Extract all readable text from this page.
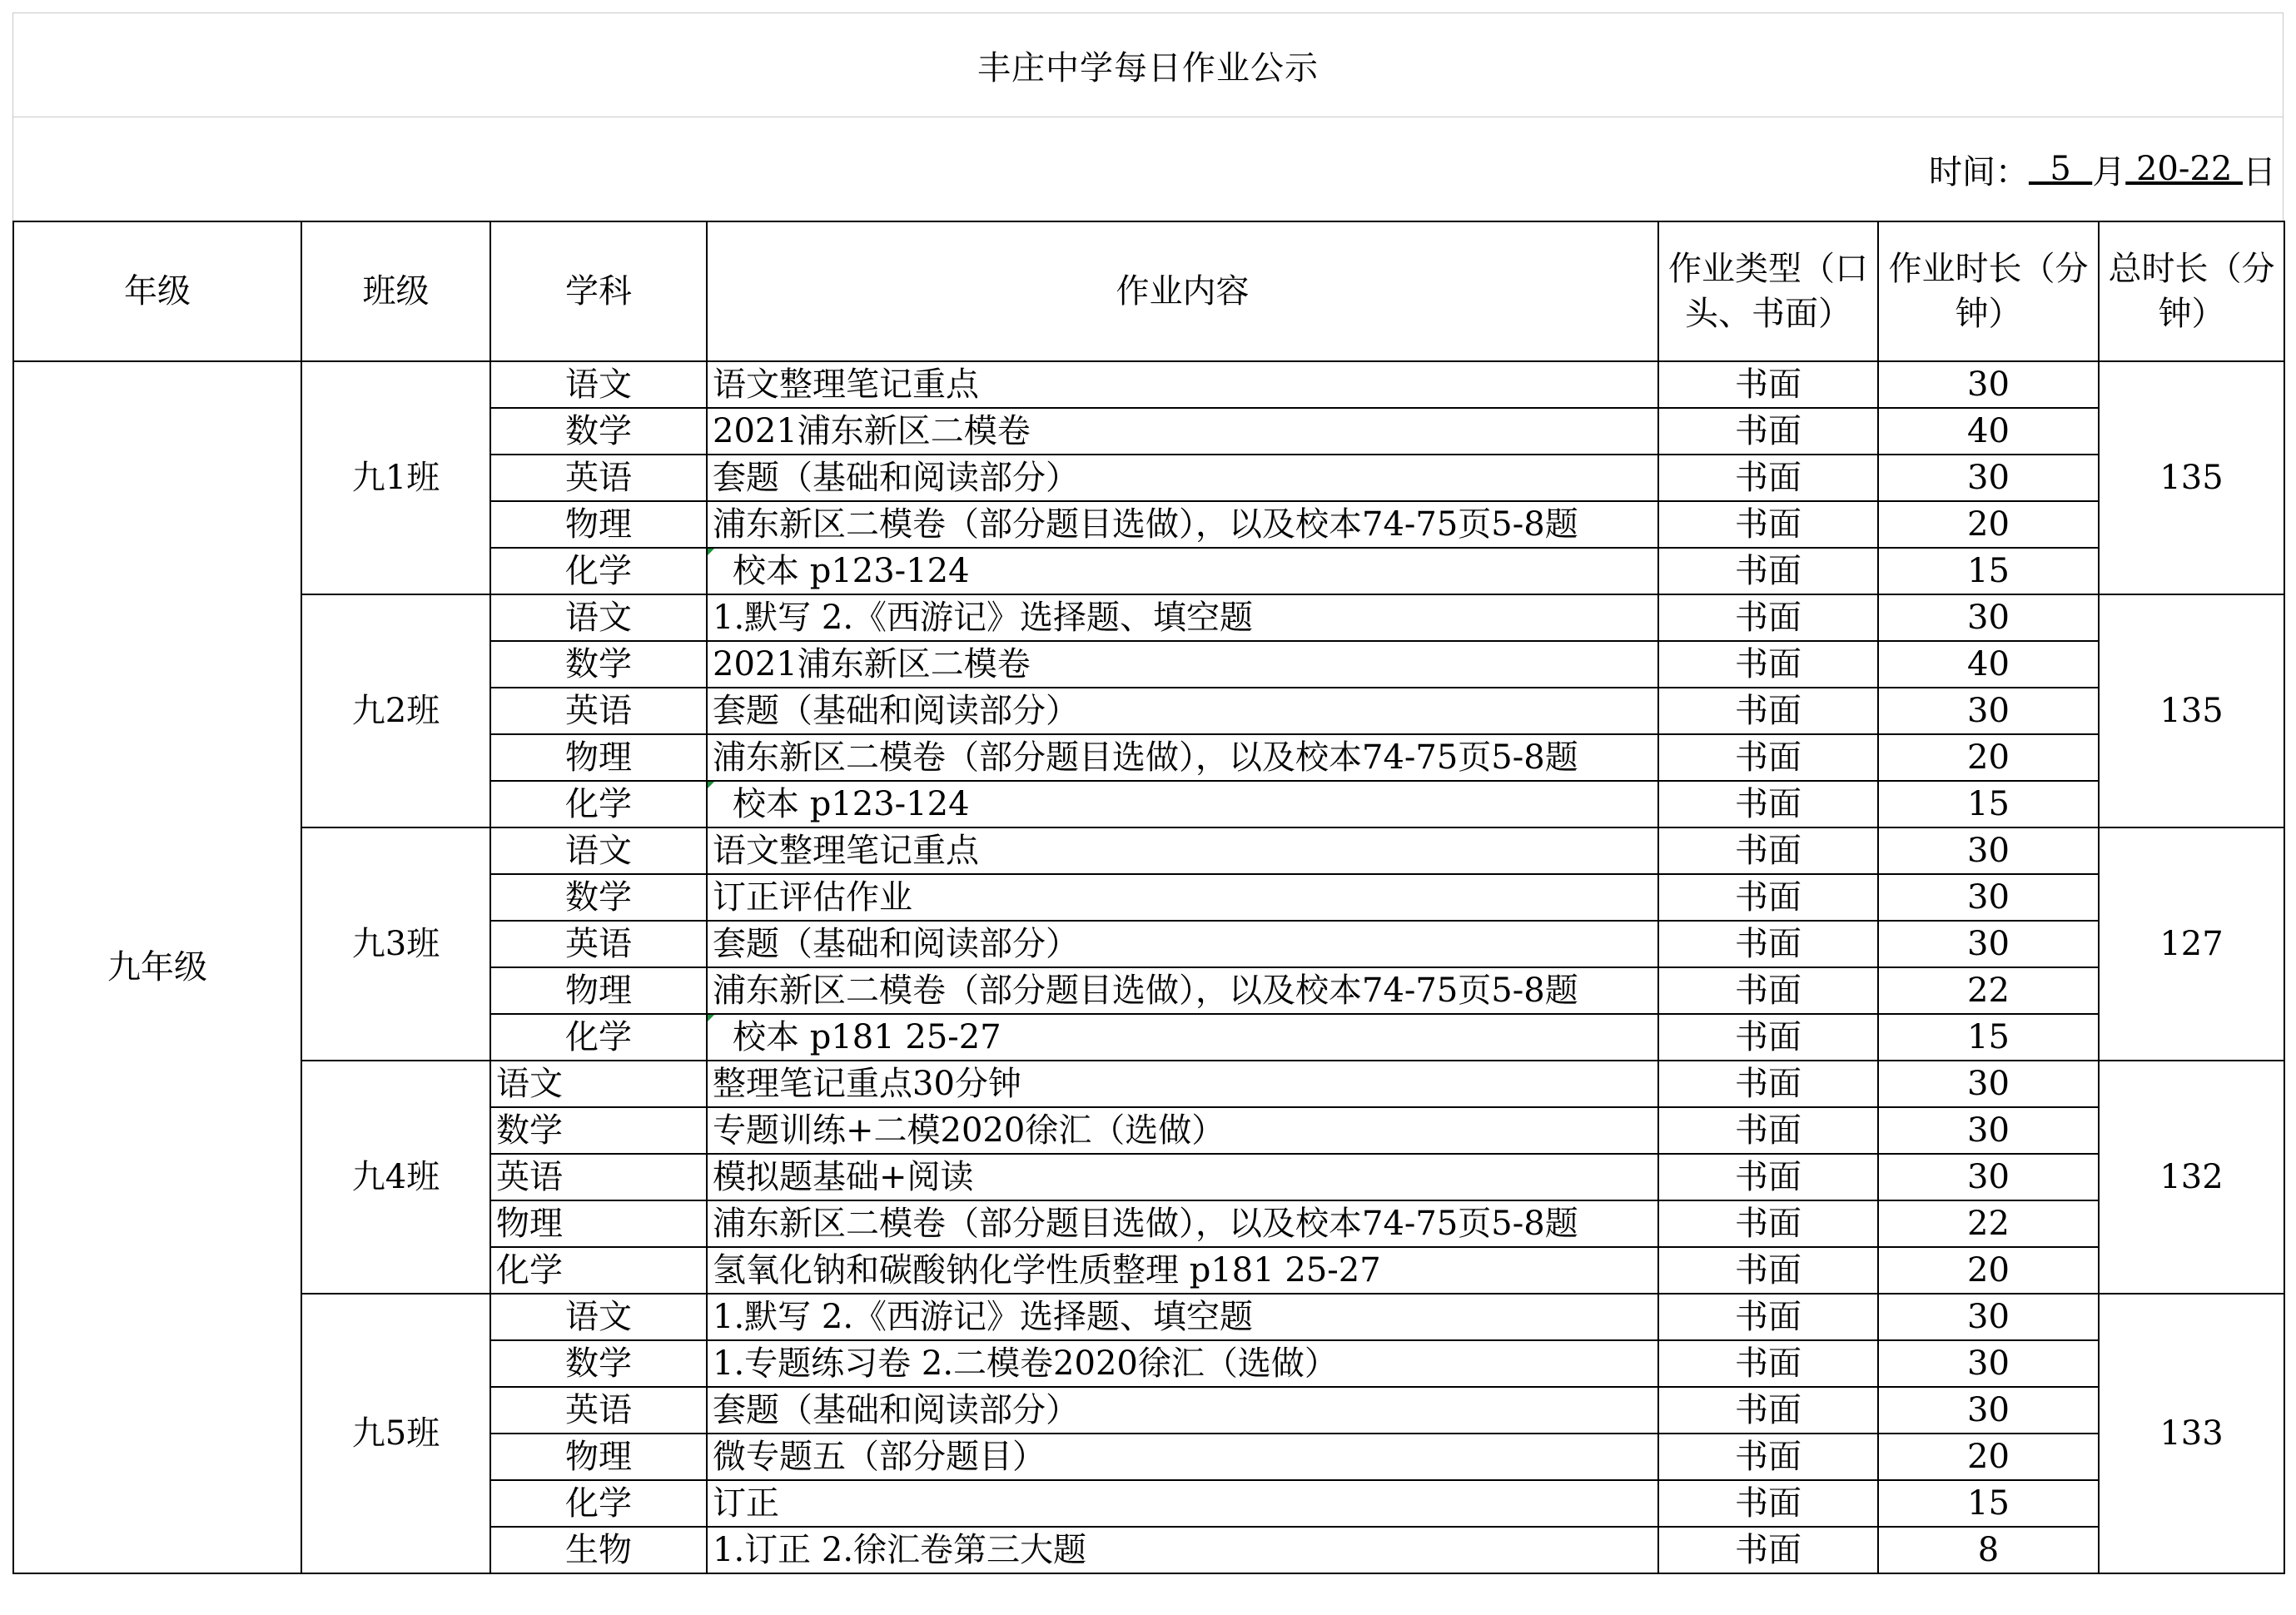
丰庄中学每日作业公示
时间： 5 月 20-22 日
年级	班级	学科	作业内容	作业类型（口头、书面）	作业时长（分钟）	总时长（分钟）
九年级	九1班	语文	语文整理笔记重点	书面	30	135
		数学	2021浦东新区二模卷	书面	40	
		英语	套题（基础和阅读部分）	书面	30	
		物理	浦东新区二模卷（部分题目选做），以及校本74-75页5-8题	书面	20	
		化学	校本 p123-124	书面	15	
	九2班	语文	1.默写 2.《西游记》选择题、填空题	书面	30	135
		数学	2021浦东新区二模卷	书面	40	
		英语	套题（基础和阅读部分）	书面	30	
		物理	浦东新区二模卷（部分题目选做），以及校本74-75页5-8题	书面	20	
		化学	校本 p123-124	书面	15	
	九3班	语文	语文整理笔记重点	书面	30	127
		数学	订正评估作业	书面	30	
		英语	套题（基础和阅读部分）	书面	30	
		物理	浦东新区二模卷（部分题目选做），以及校本74-75页5-8题	书面	22	
		化学	校本 p181 25-27	书面	15	
	九4班	语文	整理笔记重点30分钟	书面	30	132
		数学	专题训练+二模2020徐汇（选做）	书面	30	
		英语	模拟题基础+阅读	书面	30	
		物理	浦东新区二模卷（部分题目选做），以及校本74-75页5-8题	书面	22	
		化学	氢氧化钠和碳酸钠化学性质整理 p181 25-27	书面	20	
	九5班	语文	1.默写 2.《西游记》选择题、填空题	书面	30	133
		数学	1.专题练习卷 2.二模卷2020徐汇（选做）	书面	30	
		英语	套题（基础和阅读部分）	书面	30	
		物理	微专题五（部分题目）	书面	20	
		化学	订正	书面	15	
		生物	1.订正 2.徐汇卷第三大题	书面	8	
